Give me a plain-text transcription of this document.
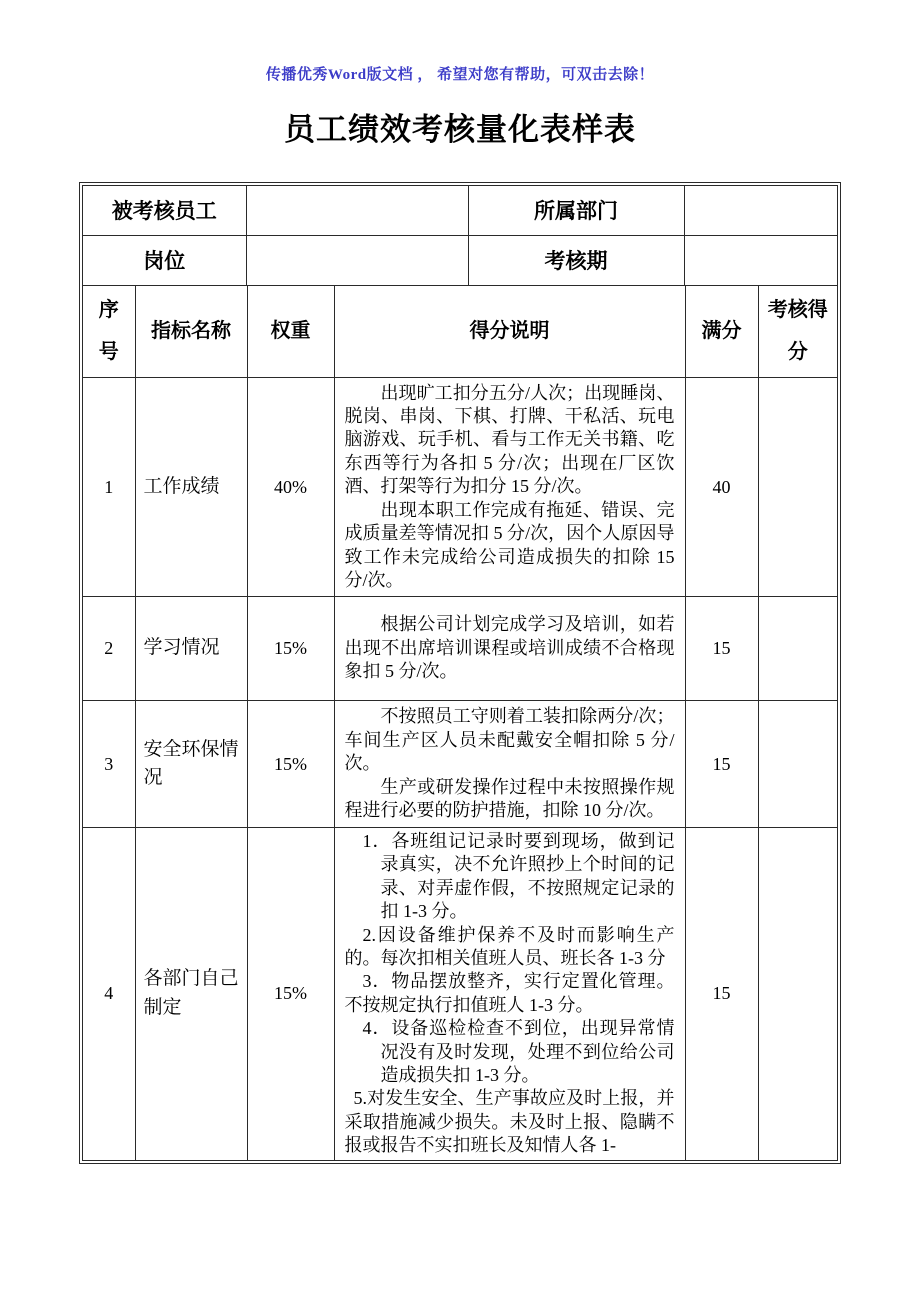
传播优秀Word版文档 ， 希望对您有帮助，可双击去除！
员工绩效考核量化表样表
被考核员工		所属部门	
岗位		考核期	
序号	指标名称	权重	得分说明	满分	考核得分
1	工作成绩	40%	出现旷工扣分五分/人次；出现睡岗、脱岗、串岗、下棋、打牌、干私活、玩电脑游戏、玩手机、看与工作无关书籍、吃东西等行为各扣 5 分/次；出现在厂区饮酒、打架等行为扣分 15 分/次。

出现本职工作完成有拖延、错误、完成质量差等情况扣 5 分/次，因个人原因导致工作未完成给公司造成损失的扣除 15 分/次。	40	
2	学习情况	15%	根据公司计划完成学习及培训，如若出现不出席培训课程或培训成绩不合格现象扣 5 分/次。	15	
3	安全环保情况	15%	不按照员工守则着工装扣除两分/次；车间生产区人员未配戴安全帽扣除 5 分/次。

生产或研发操作过程中未按照操作规程进行必要的防护措施，扣除 10 分/次。	15	
4	各部门自己制定	15%	1．各班组记记录时要到现场，做到记录真实，决不允许照抄上个时间的记录、对弄虚作假，不按照规定记录的扣 1-3 分。

2.因设备维护保养不及时而影响生产的。每次扣相关值班人员、班长各 1-3 分

3．物品摆放整齐，实行定置化管理。不按规定执行扣值班人 1-3 分。

4．设备巡检检查不到位，出现异常情况没有及时发现，处理不到位给公司造成损失扣 1-3 分。

5.对发生安全、生产事故应及时上报，并采取措施减少损失。未及时上报、隐瞒不报或报告不实扣班长及知情人各 1-	15	
